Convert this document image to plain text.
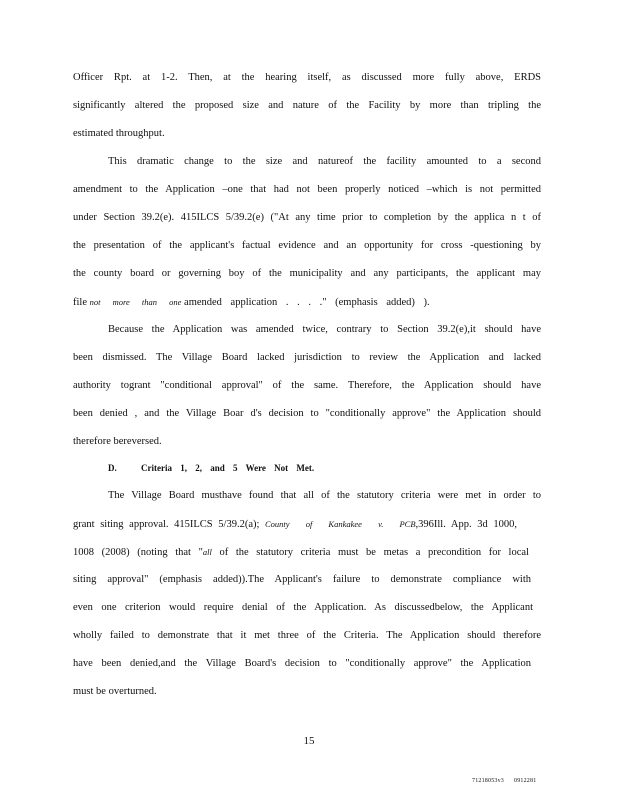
Officer Rpt. at 1-2. Then, at the hearing itself, as discussed more fully above, ERDS
significantly altered the proposed size and nature of the Facility by more than tripling the
estimated throughput.
This dramatic change to the size and natureof the facility amounted to a second
amendment to the Application –one that had not been properly noticed –which is not permitted
under Section 39.2(e). 415ILCS 5/39.2(e) ("At any time prior to completion by the applica n t of
the presentation of the applicant's factual evidence and an opportunity for cross -questioning by
the county board or governing boy of the municipality and any participants, the applicant may
file not more than one amended application . . . ." (emphasis added) ).
Because the Application was amended twice, contrary to Section 39.2(e),it should have
been dismissed. The Village Board lacked jurisdiction to review the Application and lacked
authority togrant "conditional approval" of the same. Therefore, the Application should have
been denied , and the Village Boar d's decision to "conditionally approve" the Application should
therefore bereversed.
D.	Criteria 1, 2, and 5 Were Not Met.
The Village Board musthave found that all of the statutory criteria were met in order to
grant siting approval. 415ILCS 5/39.2(a); County of Kankakee v. PCB,396Ill. App. 3d 1000,
1008 (2008) (noting that "all of the statutory criteria must be metas a precondition for local
siting approval" (emphasis added)).The Applicant's failure to demonstrate compliance with
even one criterion would require denial of the Application. As discussedbelow, the Applicant
wholly failed to demonstrate that it met three of the Criteria. The Application should therefore
have been denied,and the Village Board's decision to "conditionally approve" the Application
must be overturned.
15
71218053v3 0912281
